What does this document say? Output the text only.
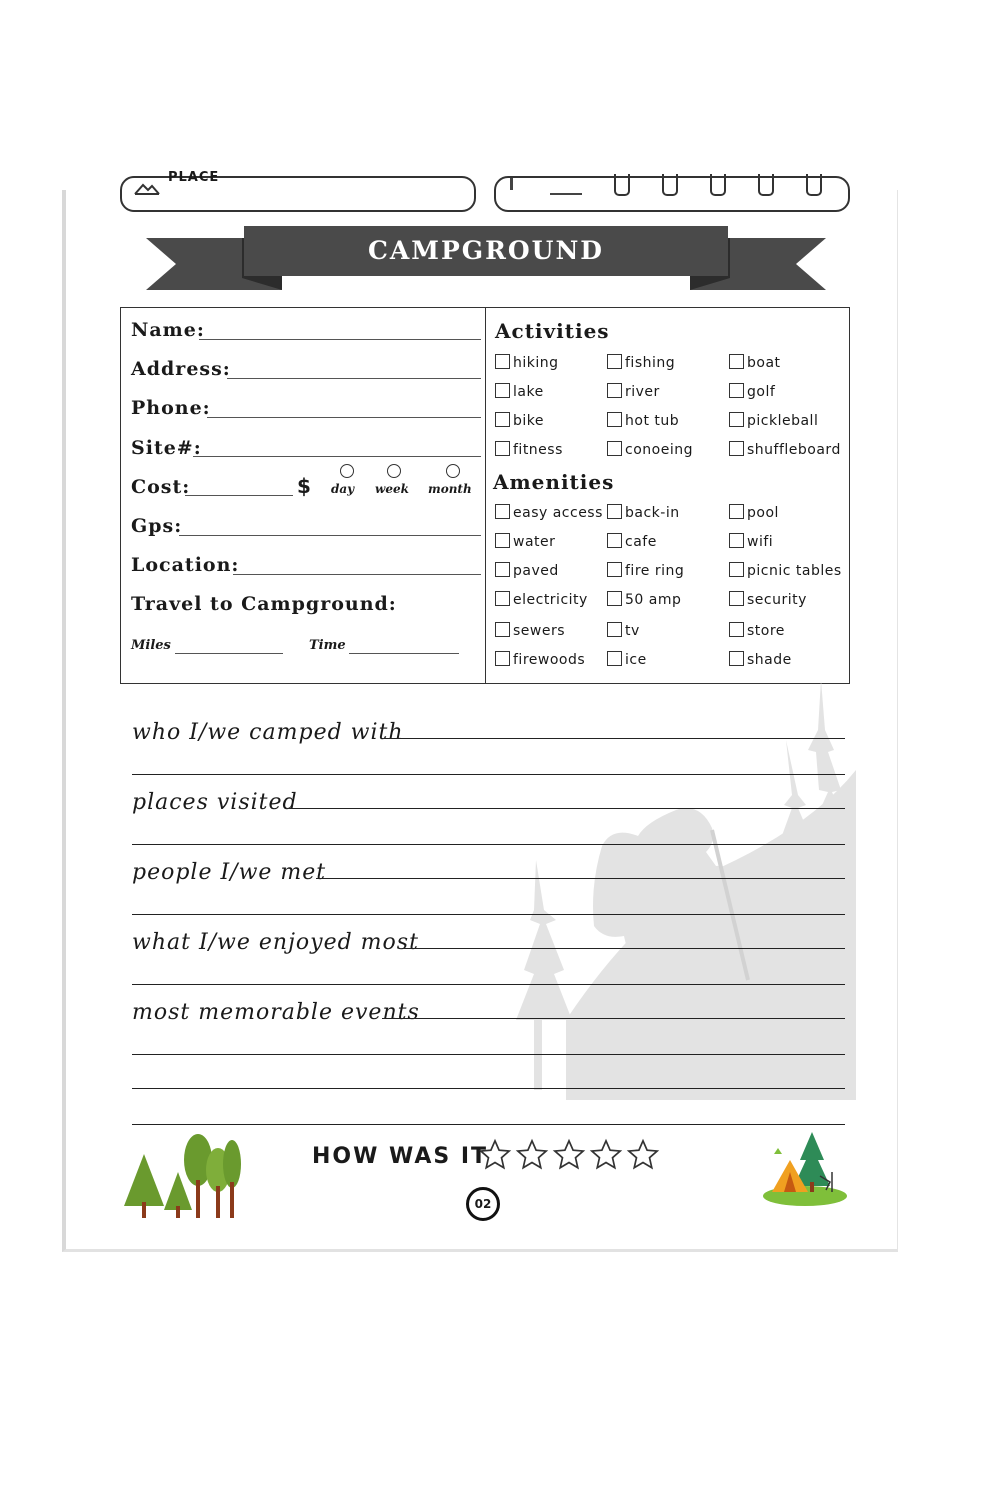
PLACE
CAMPGROUND INFORMATION
Name:
Address:
Phone:
Site#:
Cost:	$ day week month
Gps:
Location:
Travel to Campground:
Miles	Time
Activities
hiking	fishing	boat
lake	river	golf
bike	hot tub	pickleball
fitness	conoeing	shuffleboard
Amenities
easy access	back-in	pool
water	cafe	wifi
paved	fire ring	picnic tables
electricity	50 amp	security
sewers	tv	store
firewoods	ice	shade
who I/we camped with
places visited
people I/we met
what I/we enjoyed most
most memorable events
HOW WAS IT
02
